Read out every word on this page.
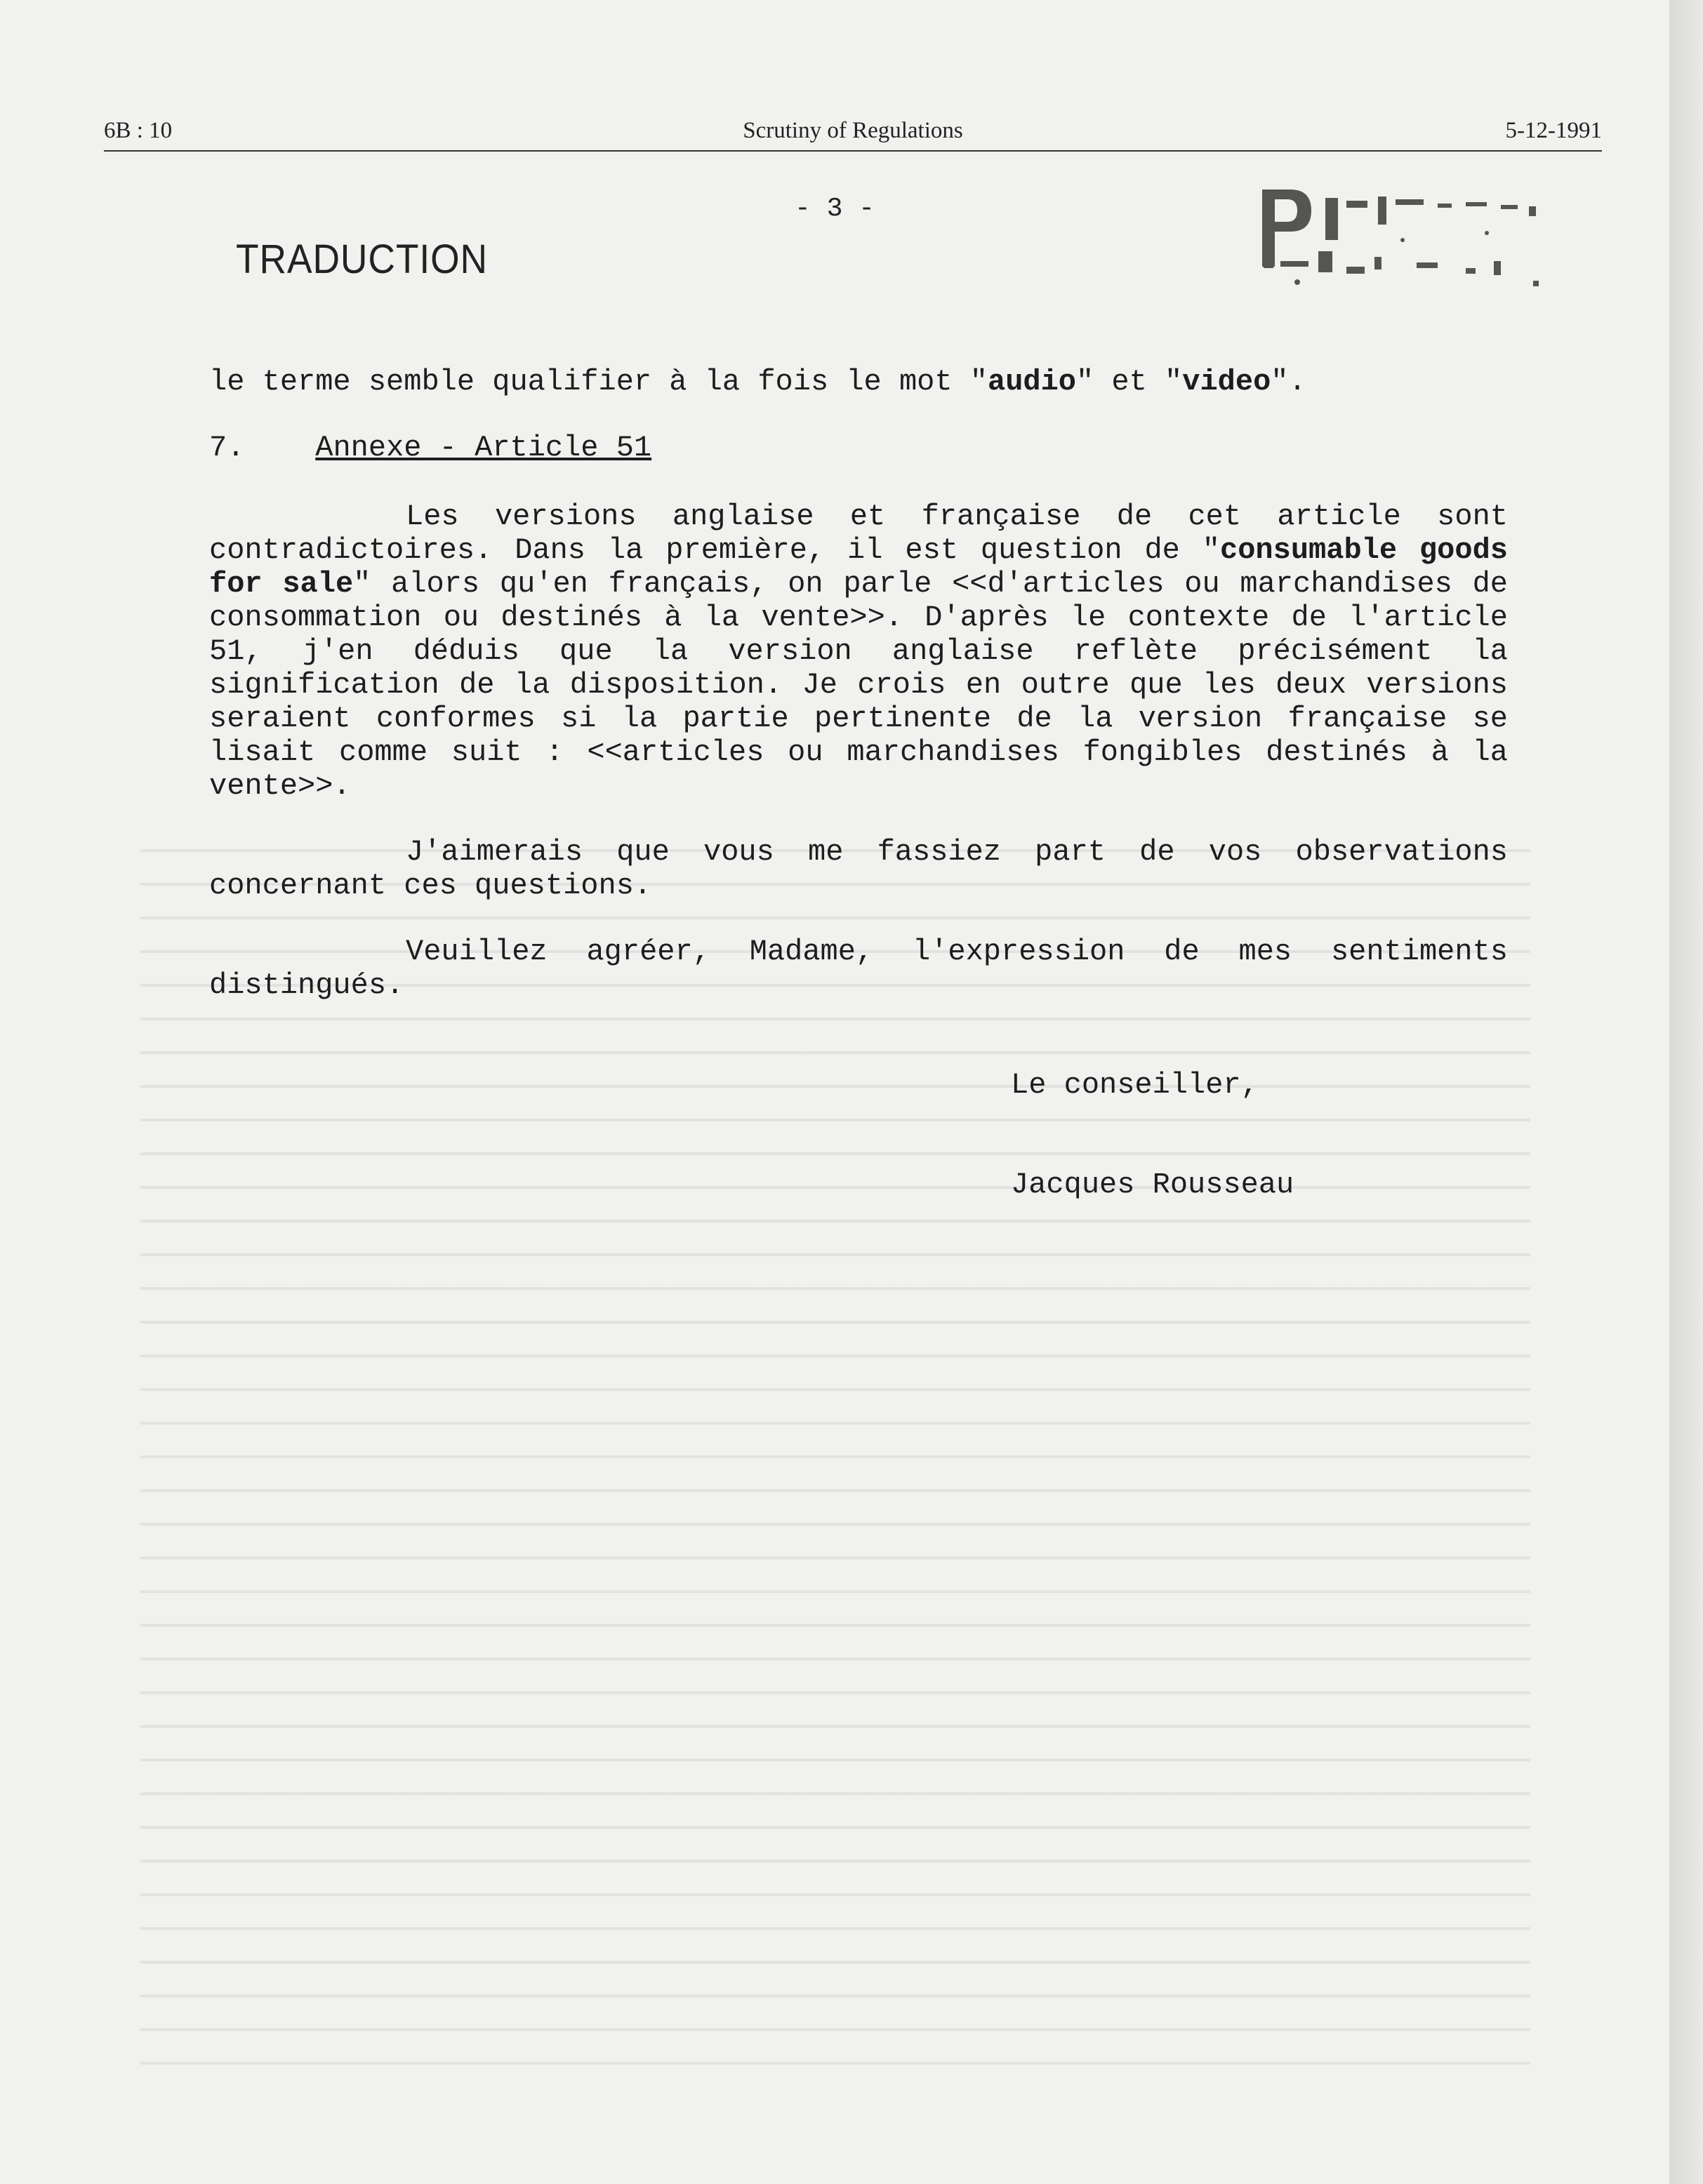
6B : 10	Scrutiny of Regulations	5-12-1991
- 3 -
TRADUCTION

le terme semble qualifier à la fois le mot "audio" et "video".

7. Annexe - Article 51

Les versions anglaise et française de cet article sont contradictoires. Dans la première, il est question de "consumable goods for sale" alors qu'en français, on parle <<d'articles ou marchandises de consommation ou destinés à la vente>>. D'après le contexte de l'article 51, j'en déduis que la version anglaise reflète précisément la signification de la disposition. Je crois en outre que les deux versions seraient conformes si la partie pertinente de la version française se lisait comme suit : <<articles ou marchandises fongibles destinés à la vente>>.

J'aimerais que vous me fassiez part de vos observations concernant ces questions.

Veuillez agréer, Madame, l'expression de mes sentiments distingués.

Le conseiller,
Jacques Rousseau
